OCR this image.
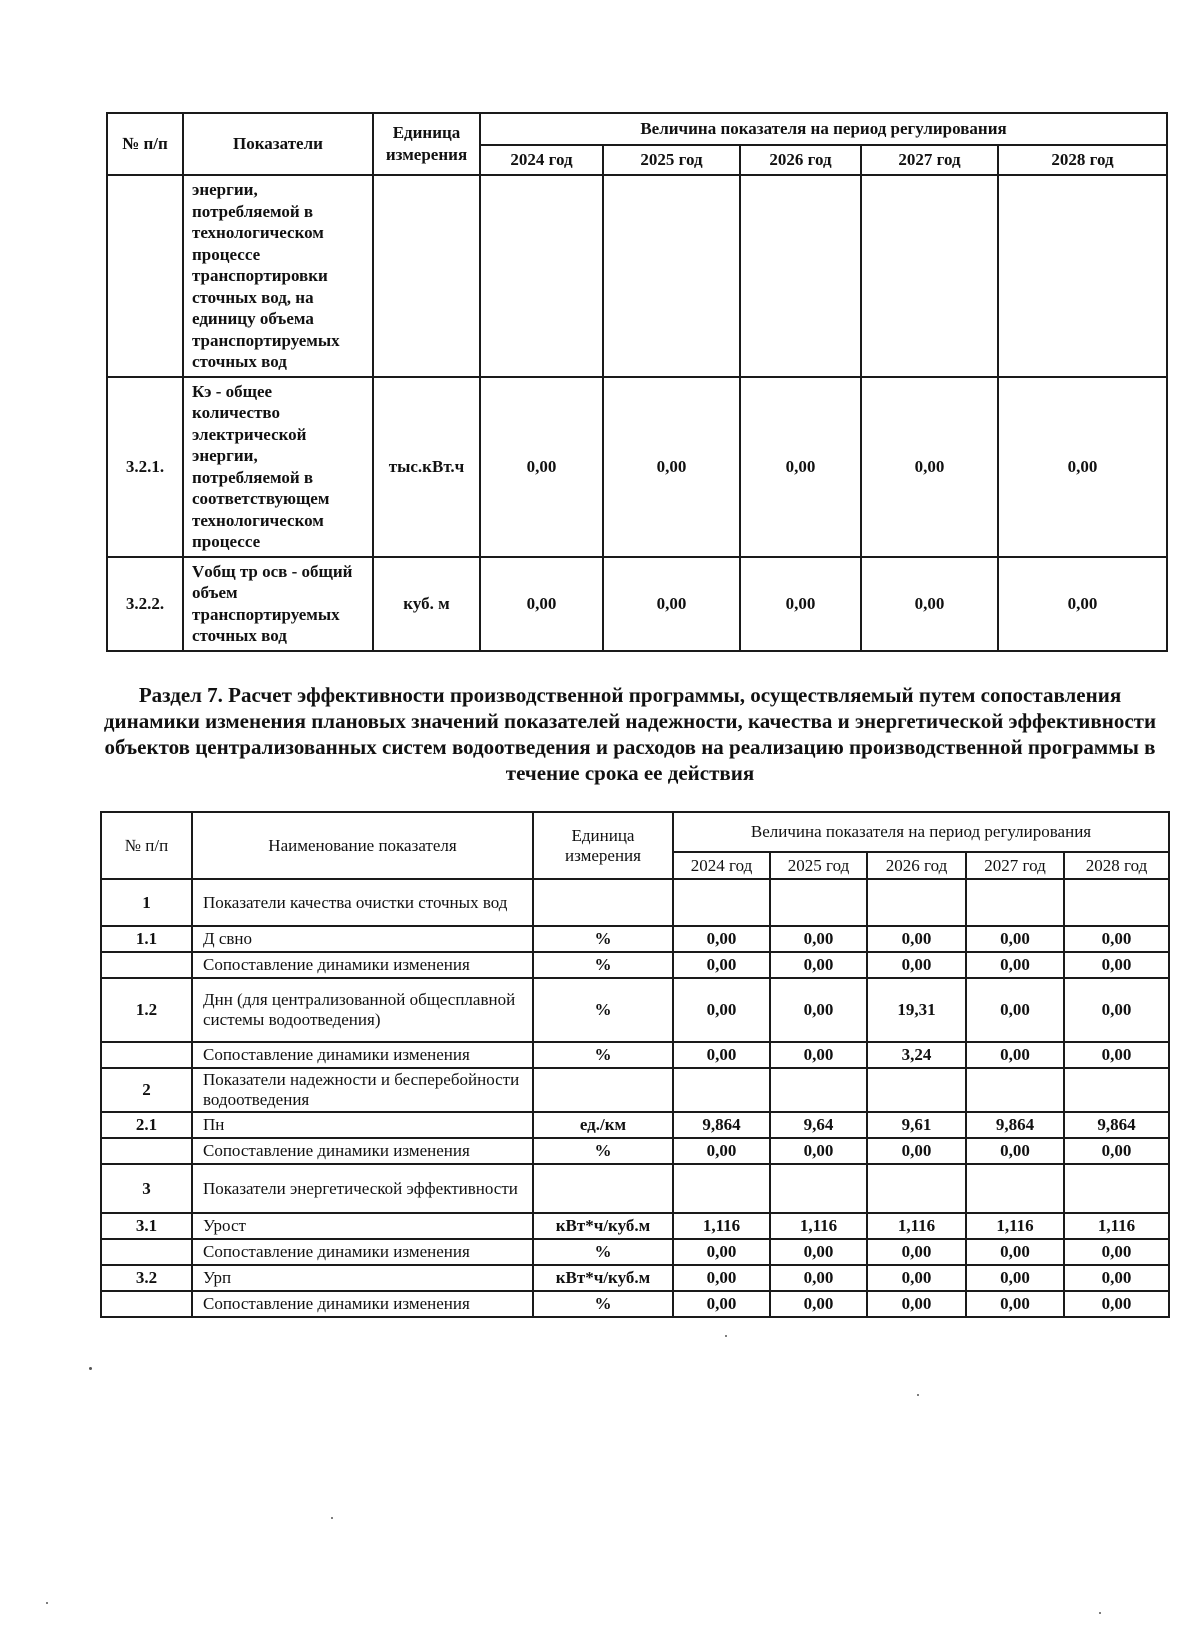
№ п/п	Показатели	Единица измерения	Величина показателя на период регулирования				
			2024 год	2025 год	2026 год	2027 год	2028 год
	энергии, потребляемой в технологическом процессе транспортировки сточных вод, на единицу объема транспортируемых сточных вод						
3.2.1.	Кэ - общее количество электрической энергии, потребляемой в соответствующем технологическом процессе	тыс.кВт.ч	0,00	0,00	0,00	0,00	0,00
3.2.2.	Vобщ тр осв - общий объем транспортируемых сточных вод	куб. м	0,00	0,00	0,00	0,00	0,00
Раздел 7. Расчет эффективности производственной программы, осуществляемый путем сопоставления динамики изменения плановых значений показателей надежности, качества и энергетической эффективности объектов централизованных систем водоотведения и расходов на реализацию производственной программы в течение срока ее действия
№ п/п	Наименование показателя	Единица измерения	Величина показателя на период регулирования				
			2024 год	2025 год	2026 год	2027 год	2028 год
1	Показатели качества очистки сточных вод						
1.1	Д свно	%	0,00	0,00	0,00	0,00	0,00
	Сопоставление динамики изменения	%	0,00	0,00	0,00	0,00	0,00
1.2	Днн (для централизованной общесплавной системы водоотведения)	%	0,00	0,00	19,31	0,00	0,00
	Сопоставление динамики изменения	%	0,00	0,00	3,24	0,00	0,00
2	Показатели надежности и бесперебойности водоотведения						
2.1	Пн	ед./км	9,864	9,64	9,61	9,864	9,864
	Сопоставление динамики изменения	%	0,00	0,00	0,00	0,00	0,00
3	Показатели энергетической эффективности						
3.1	Урост	кВт*ч/куб.м	1,116	1,116	1,116	1,116	1,116
	Сопоставление динамики изменения	%	0,00	0,00	0,00	0,00	0,00
3.2	Урп	кВт*ч/куб.м	0,00	0,00	0,00	0,00	0,00
	Сопоставление динамики изменения	%	0,00	0,00	0,00	0,00	0,00
